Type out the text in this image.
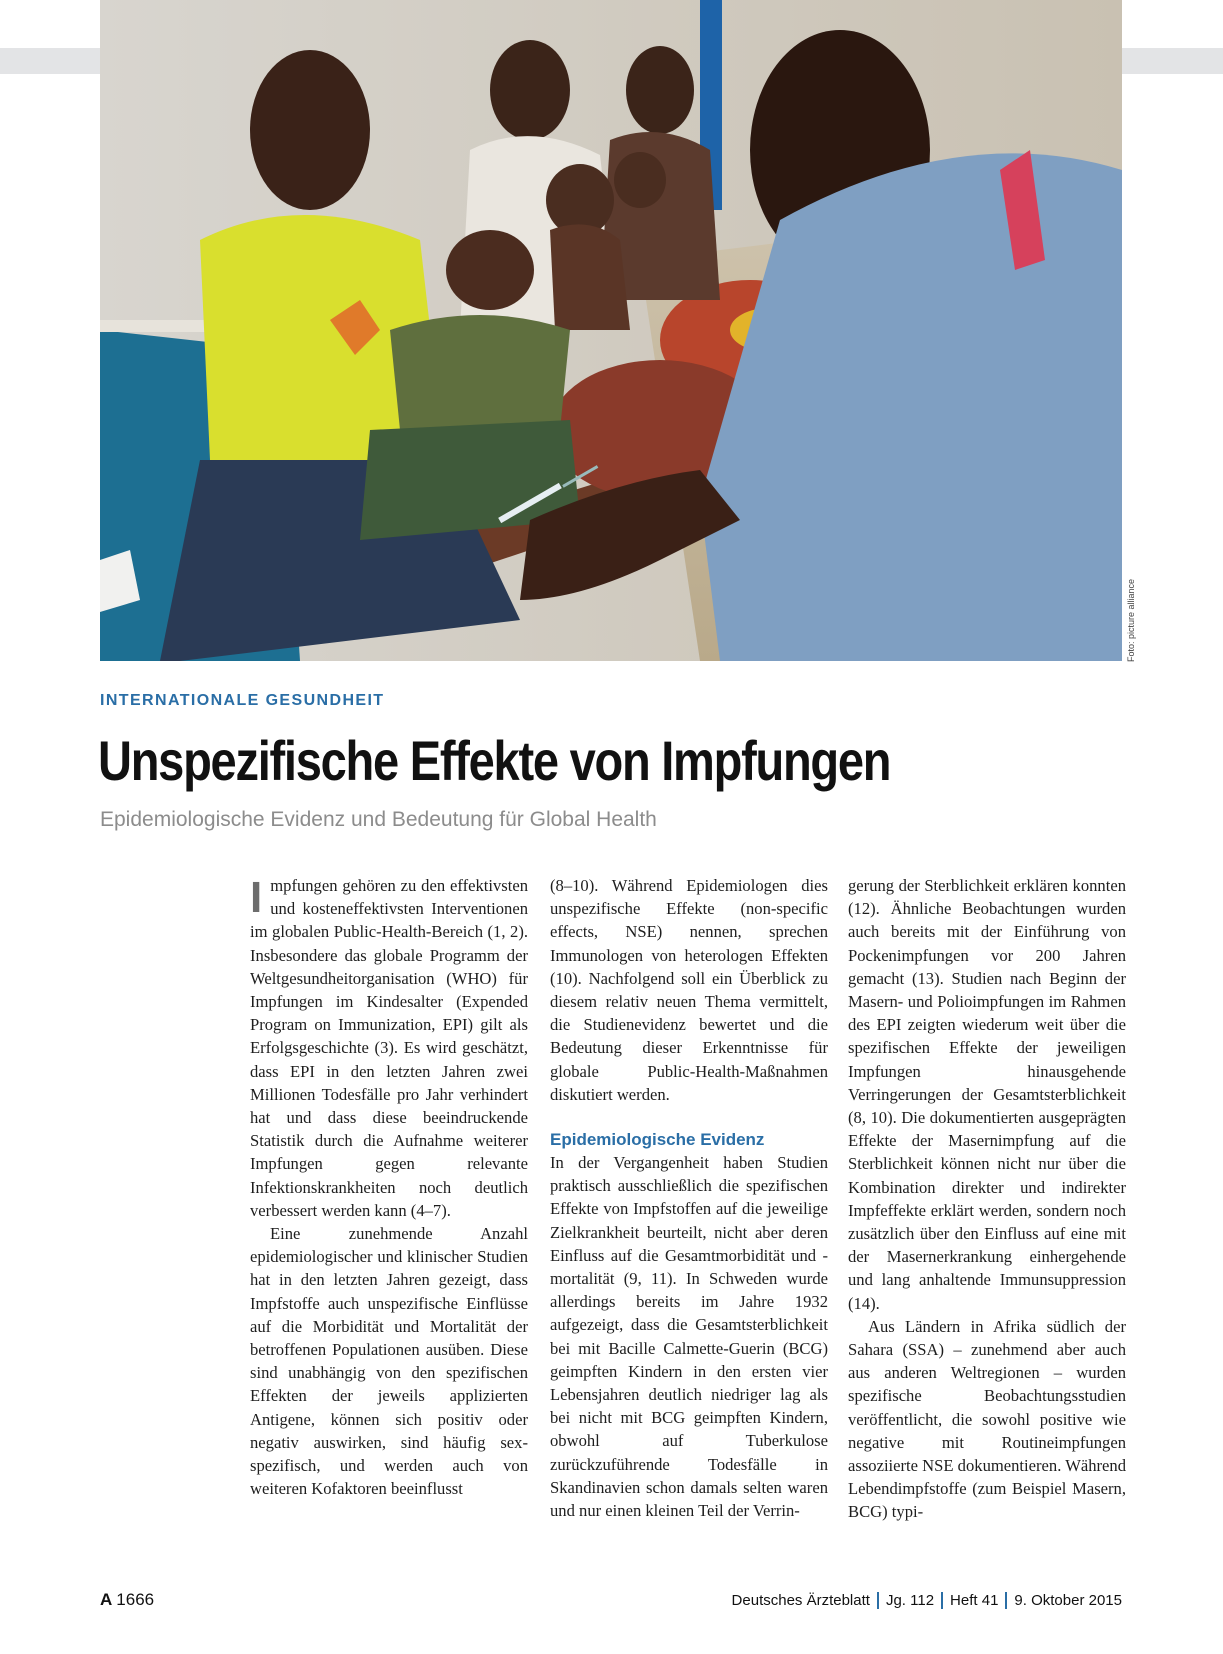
Foto: picture alliance
INTERNATIONALE GESUNDHEIT
Unspezifische Effekte von Impfungen
Epidemiologische Evidenz und Bedeutung für Global Health

Impfungen gehören zu den effektivsten und kosteneffektivsten Interventionen im globalen Public-Health-Bereich (1, 2). Insbesondere das globale Programm der Weltgesundheitorganisation (WHO) für Impfungen im Kindesalter (Expended Program on Immunization, EPI) gilt als Erfolgsgeschichte (3). Es wird geschätzt, dass EPI in den letzten Jahren zwei Millionen Todesfälle pro Jahr verhindert hat und dass diese beeindruckende Statistik durch die Aufnahme weiterer Impfungen gegen relevante Infektionskrankheiten noch deutlich verbessert werden kann (4–7).

Eine zunehmende Anzahl epidemiologischer und klinischer Studien hat in den letzten Jahren gezeigt, dass Impfstoffe auch unspezifische Einflüsse auf die Morbidität und Mortalität der betroffenen Populationen ausüben. Diese sind unabhängig von den spezifischen Effekten der jeweils applizierten Antigene, können sich positiv oder negativ auswirken, sind häufig sex-spezifisch, und werden auch von weiteren Kofaktoren beeinflusst

(8–10). Während Epidemiologen dies unspezifische Effekte (non-specific effects, NSE) nennen, sprechen Immunologen von heterologen Effekten (10). Nachfolgend soll ein Überblick zu diesem relativ neuen Thema vermittelt, die Studienevidenz bewertet und die Bedeutung dieser Erkenntnisse für globale Public-Health-Maßnahmen diskutiert werden.

Epidemiologische Evidenz

In der Vergangenheit haben Studien praktisch ausschließlich die spezifischen Effekte von Impfstoffen auf die jeweilige Zielkrankheit beurteilt, nicht aber deren Einfluss auf die Gesamtmorbidität und -mortalität (9, 11). In Schweden wurde allerdings bereits im Jahre 1932 aufgezeigt, dass die Gesamtsterblichkeit bei mit Bacille Calmette-Guerin (BCG) geimpften Kindern in den ersten vier Lebensjahren deutlich niedriger lag als bei nicht mit BCG geimpften Kindern, obwohl auf Tuberkulose zurückzuführende Todesfälle in Skandinavien schon damals selten waren und nur einen kleinen Teil der Verrin-

gerung der Sterblichkeit erklären konnten (12). Ähnliche Beobachtungen wurden auch bereits mit der Einführung von Pockenimpfungen vor 200 Jahren gemacht (13). Studien nach Beginn der Masern- und Polioimpfungen im Rahmen des EPI zeigten wiederum weit über die spezifischen Effekte der jeweiligen Impfungen hinausgehende Verringerungen der Gesamtsterblichkeit (8, 10). Die dokumentierten ausgeprägten Effekte der Masernimpfung auf die Sterblichkeit können nicht nur über die Kombination direkter und indirekter Impfeffekte erklärt werden, sondern noch zusätzlich über den Einfluss auf eine mit der Masernerkrankung einhergehende und lang anhaltende Immunsuppression (14).

Aus Ländern in Afrika südlich der Sahara (SSA) – zunehmend aber auch aus anderen Weltregionen – wurden spezifische Beobachtungsstudien veröffentlicht, die sowohl positive wie negative mit Routineimpfungen assoziierte NSE dokumentieren. Während Lebendimpfstoffe (zum Beispiel Masern, BCG) typi-

A 1666	Deutsches Ärzteblatt Jg. 112 Heft 41 9. Oktober 2015
